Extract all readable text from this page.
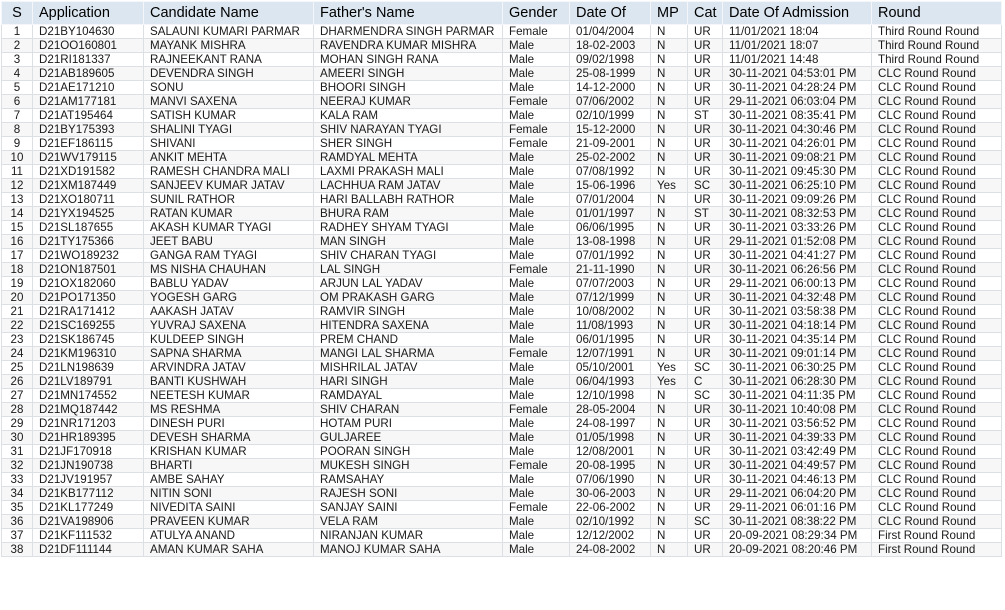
S	Application	Candidate Name	Father's Name	Gender	Date Of	MP	Cat	Date Of Admission	Round
1	D21BY104630	SALAUNI KUMARI PARMAR	DHARMENDRA SINGH PARMAR	Female	01/04/2004	N	UR	11/01/2021 18:04	Third Round Round
2	D21OO160801	MAYANK MISHRA	RAVENDRA KUMAR MISHRA	Male	18-02-2003	N	UR	11/01/2021 18:07	Third Round Round
3	D21RI181337	RAJNEEKANT RANA	MOHAN SINGH RANA	Male	09/02/1998	N	UR	11/01/2021 14:48	Third Round Round
4	D21AB189605	DEVENDRA SINGH	AMEERI SINGH	Male	25-08-1999	N	UR	30-11-2021 04:53:01 PM	CLC Round Round
5	D21AE171210	SONU	BHOORI SINGH	Male	14-12-2000	N	UR	30-11-2021 04:28:24 PM	CLC Round Round
6	D21AM177181	MANVI SAXENA	NEERAJ KUMAR	Female	07/06/2002	N	UR	29-11-2021 06:03:04 PM	CLC Round Round
7	D21AT195464	SATISH KUMAR	KALA RAM	Male	02/10/1999	N	ST	30-11-2021 08:35:41 PM	CLC Round Round
8	D21BY175393	SHALINI TYAGI	SHIV NARAYAN TYAGI	Female	15-12-2000	N	UR	30-11-2021 04:30:46 PM	CLC Round Round
9	D21EF186115	SHIVANI	SHER SINGH	Female	21-09-2001	N	UR	30-11-2021 04:26:01 PM	CLC Round Round
10	D21WV179115	ANKIT MEHTA	RAMDYAL MEHTA	Male	25-02-2002	N	UR	30-11-2021 09:08:21 PM	CLC Round Round
11	D21XD191582	RAMESH CHANDRA MALI	LAXMI PRAKASH MALI	Male	07/08/1992	N	UR	30-11-2021 09:45:30 PM	CLC Round Round
12	D21XM187449	SANJEEV KUMAR JATAV	LACHHUA RAM JATAV	Male	15-06-1996	Yes	SC	30-11-2021 06:25:10 PM	CLC Round Round
13	D21XO180711	SUNIL RATHOR	HARI BALLABH RATHOR	Male	07/01/2004	N	UR	30-11-2021 09:09:26 PM	CLC Round Round
14	D21YX194525	RATAN KUMAR	BHURA RAM	Male	01/01/1997	N	ST	30-11-2021 08:32:53 PM	CLC Round Round
15	D21SL187655	AKASH KUMAR TYAGI	RADHEY SHYAM TYAGI	Male	06/06/1995	N	UR	30-11-2021 03:33:26 PM	CLC Round Round
16	D21TY175366	JEET BABU	MAN SINGH	Male	13-08-1998	N	UR	29-11-2021 01:52:08 PM	CLC Round Round
17	D21WO189232	GANGA RAM TYAGI	SHIV CHARAN TYAGI	Male	07/01/1992	N	UR	30-11-2021 04:41:27 PM	CLC Round Round
18	D21ON187501	MS NISHA CHAUHAN	LAL SINGH	Female	21-11-1990	N	UR	30-11-2021 06:26:56 PM	CLC Round Round
19	D21OX182060	BABLU YADAV	ARJUN LAL YADAV	Male	07/07/2003	N	UR	29-11-2021 06:00:13 PM	CLC Round Round
20	D21PO171350	YOGESH GARG	OM PRAKASH GARG	Male	07/12/1999	N	UR	30-11-2021 04:32:48 PM	CLC Round Round
21	D21RA171412	AAKASH JATAV	RAMVIR SINGH	Male	10/08/2002	N	UR	30-11-2021 03:58:38 PM	CLC Round Round
22	D21SC169255	YUVRAJ SAXENA	HITENDRA SAXENA	Male	11/08/1993	N	UR	30-11-2021 04:18:14 PM	CLC Round Round
23	D21SK186745	KULDEEP SINGH	PREM CHAND	Male	06/01/1995	N	UR	30-11-2021 04:35:14 PM	CLC Round Round
24	D21KM196310	SAPNA SHARMA	MANGI LAL SHARMA	Female	12/07/1991	N	UR	30-11-2021 09:01:14 PM	CLC Round Round
25	D21LN198639	ARVINDRA JATAV	MISHRILAL JATAV	Male	05/10/2001	Yes	SC	30-11-2021 06:30:25 PM	CLC Round Round
26	D21LV189791	BANTI KUSHWAH	HARI SINGH	Male	06/04/1993	Yes	C	30-11-2021 06:28:30 PM	CLC Round Round
27	D21MN174552	NEETESH KUMAR	RAMDAYAL	Male	12/10/1998	N	SC	30-11-2021 04:11:35 PM	CLC Round Round
28	D21MQ187442	MS RESHMA	SHIV CHARAN	Female	28-05-2004	N	UR	30-11-2021 10:40:08 PM	CLC Round Round
29	D21NR171203	DINESH PURI	HOTAM PURI	Male	24-08-1997	N	UR	30-11-2021 03:56:52 PM	CLC Round Round
30	D21HR189395	DEVESH SHARMA	GULJAREE	Male	01/05/1998	N	UR	30-11-2021 04:39:33 PM	CLC Round Round
31	D21JF170918	KRISHAN KUMAR	POORAN SINGH	Male	12/08/2001	N	UR	30-11-2021 03:42:49 PM	CLC Round Round
32	D21JN190738	BHARTI	MUKESH SINGH	Female	20-08-1995	N	UR	30-11-2021 04:49:57 PM	CLC Round Round
33	D21JV191957	AMBE SAHAY	RAMSAHAY	Male	07/06/1990	N	UR	30-11-2021 04:46:13 PM	CLC Round Round
34	D21KB177112	NITIN SONI	RAJESH SONI	Male	30-06-2003	N	UR	29-11-2021 06:04:20 PM	CLC Round Round
35	D21KL177249	NIVEDITA SAINI	SANJAY SAINI	Female	22-06-2002	N	UR	29-11-2021 06:01:16 PM	CLC Round Round
36	D21VA198906	PRAVEEN KUMAR	VELA RAM	Male	02/10/1992	N	SC	30-11-2021 08:38:22 PM	CLC Round Round
37	D21KF111532	ATULYA ANAND	NIRANJAN KUMAR	Male	12/12/2002	N	UR	20-09-2021 08:29:34 PM	First Round Round
38	D21DF111144	AMAN KUMAR SAHA	MANOJ KUMAR SAHA	Male	24-08-2002	N	UR	20-09-2021 08:20:46 PM	First Round Round
